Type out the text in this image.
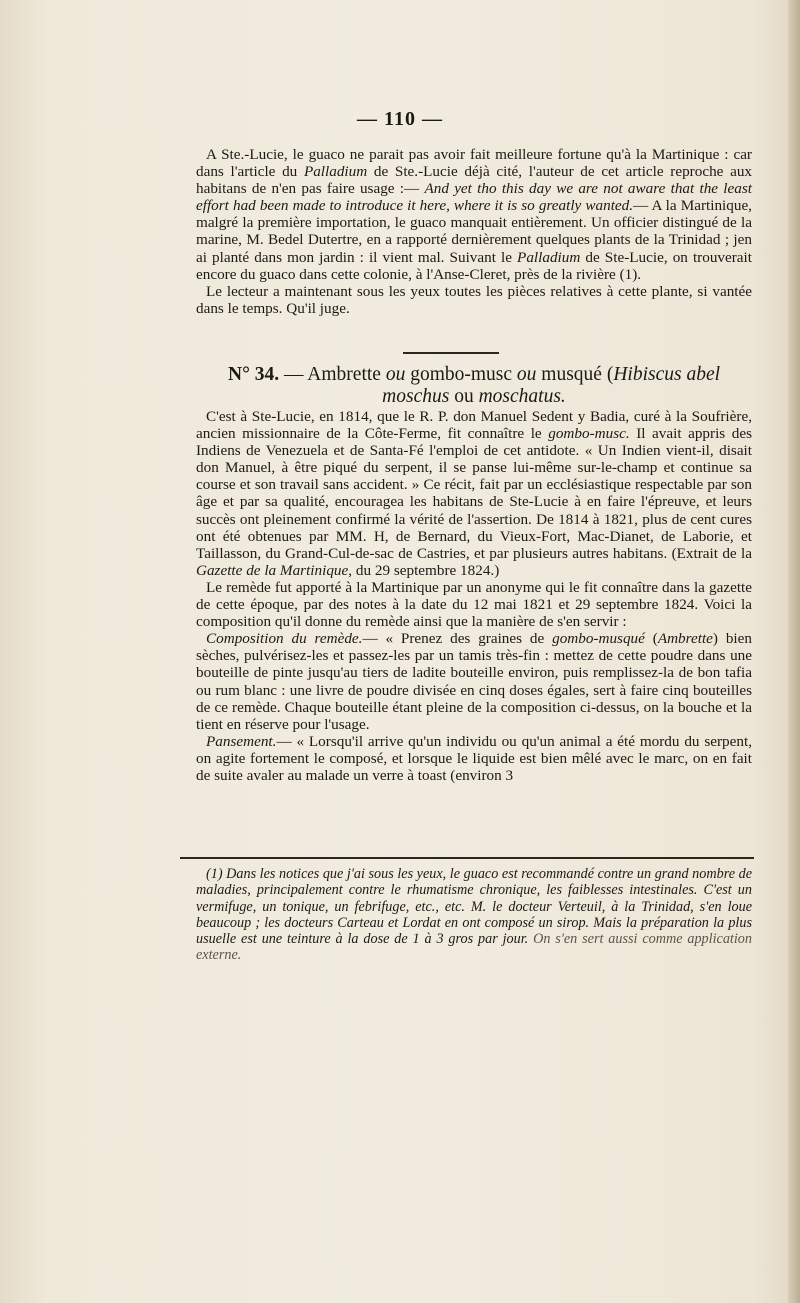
— 110 —

A Ste.-Lucie, le guaco ne parait pas avoir fait meilleure fortune qu'à la Martinique : car dans l'article du Palladium de Ste.-Lucie déjà cité, l'auteur de cet article reproche aux habitans de n'en pas faire usage :— And yet tho this day we are not aware that the least effort had been made to introduce it here, where it is so greatly wanted.— A la Martinique, malgré la première importation, le guaco manquait entièrement. Un officier distingué de la marine, M. Bedel Dutertre, en a rapporté dernièrement quelques plants de la Trinidad ; jen ai planté dans mon jardin : il vient mal. Suivant le Palladium de Ste-Lucie, on trouverait encore du guaco dans cette colonie, à l'Anse-Cleret, près de la rivière (1).

Le lecteur a maintenant sous les yeux toutes les pièces relatives à cette plante, si vantée dans le temps. Qu'il juge.

N° 34. — Ambrette ou gombo-musc ou musqué (Hibiscus abel moschus ou moschatus.

C'est à Ste-Lucie, en 1814, que le R. P. don Manuel Sedent y Badia, curé à la Soufrière, ancien missionnaire de la Côte-Ferme, fit connaître le gombo-musc. Il avait appris des Indiens de Venezuela et de Santa-Fé l'emploi de cet antidote. « Un Indien vient-il, disait don Manuel, à être piqué du serpent, il se panse lui-même sur-le-champ et continue sa course et son travail sans accident. » Ce récit, fait par un ecclésiastique respectable par son âge et par sa qualité, encouragea les habitans de Ste-Lucie à en faire l'épreuve, et leurs succès ont pleinement confirmé la vérité de l'assertion. De 1814 à 1821, plus de cent cures ont été obtenues par MM. H, de Bernard, du Vieux-Fort, Mac-Dianet, de Laborie, et Taillasson, du Grand-Cul-de-sac de Castries, et par plusieurs autres habitans. (Extrait de la Gazette de la Martinique, du 29 septembre 1824.)

Le remède fut apporté à la Martinique par un anonyme qui le fit connaître dans la gazette de cette époque, par des notes à la date du 12 mai 1821 et 29 septembre 1824. Voici la composition qu'il donne du remède ainsi que la manière de s'en servir :

Composition du remède.— « Prenez des graines de gombo-musqué (Ambrette) bien sèches, pulvérisez-les et passez-les par un tamis très-fin : mettez de cette poudre dans une bouteille de pinte jusqu'au tiers de ladite bouteille environ, puis remplissez-la de bon tafia ou rum blanc : une livre de poudre divisée en cinq doses égales, sert à faire cinq bouteilles de ce remède. Chaque bouteille étant pleine de la composition ci-dessus, on la bouche et la tient en réserve pour l'usage.

Pansement.— « Lorsqu'il arrive qu'un individu ou qu'un animal a été mordu du serpent, on agite fortement le composé, et lorsque le liquide est bien mêlé avec le marc, on en fait de suite avaler au malade un verre à toast (environ 3

(1) Dans les notices que j'ai sous les yeux, le guaco est recommandé contre un grand nombre de maladies, principalement contre le rhumatisme chronique, les faiblesses intestinales. C'est un vermifuge, un tonique, un febrifuge, etc., etc. M. le docteur Verteuil, à la Trinidad, s'en loue beaucoup ; les docteurs Carteau et Lordat en ont composé un sirop. Mais la préparation la plus usuelle est une teinture à la dose de 1 à 3 gros par jour. On s'en sert aussi comme application externe.
